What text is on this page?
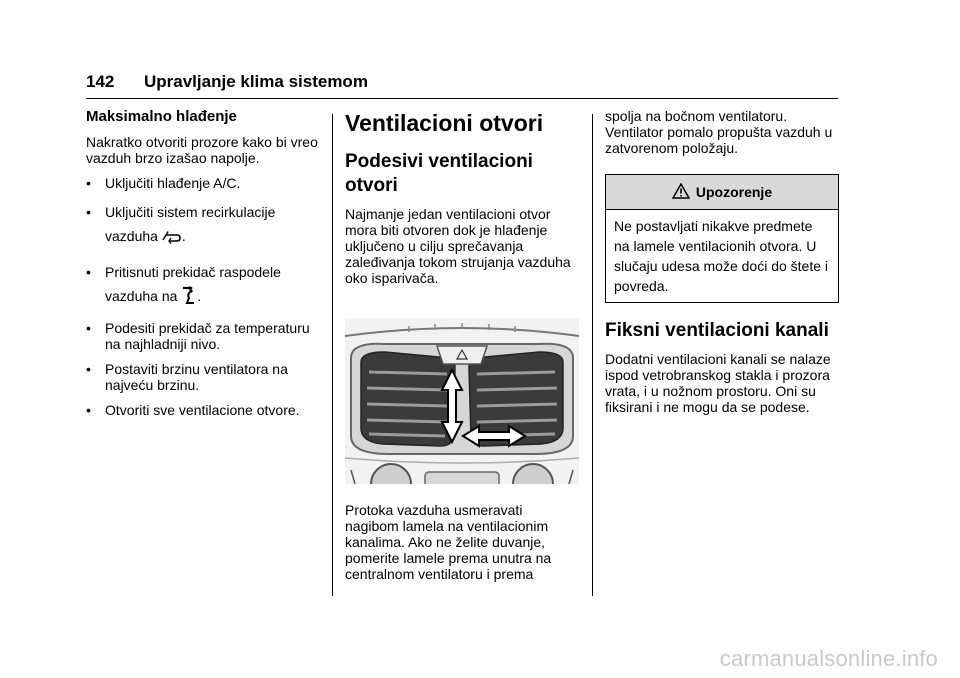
142 Upravljanje klima sistemom

Maksimalno hlađenje

Nakratko otvoriti prozore kako bi vreo vazduh brzo izašao napolje.

•	Uključiti hlađenje A/C.
•	Uključiti sistem recirkulacije vazduha .
•	Pritisnuti prekidač raspodele vazduha na .
•	Podesiti prekidač za temperaturu na najhladniji nivo.
•	Postaviti brzinu ventilatora na najveću brzinu.
•	Otvoriti sve ventilacione otvore.

Ventilacioni otvori

Podesivi ventilacioni otvori

Najmanje jedan ventilacioni otvor mora biti otvoren dok je hlađenje uključeno u cilju sprečavanja zaleđivanja tokom strujanja vazduha oko isparivača.

Protoka vazduha usmeravati nagibom lamela na ventilacionim kanalima. Ako ne želite duvanje, pomerite lamele prema unutra na centralnom ventilatoru i prema

spolja na bočnom ventilatoru. Ventilator pomalo propušta vazduh u zatvorenom položaju.

Upozorenje
Ne postavljati nikakve predmete na lamele ventilacionih otvora. U slučaju udesa može doći do štete i povreda.

Fiksni ventilacioni kanali

Dodatni ventilacioni kanali se nalaze ispod vetrobranskog stakla i prozora vrata, i u nožnom prostoru. Oni su fiksirani i ne mogu da se podese.

carmanualsonline.info
